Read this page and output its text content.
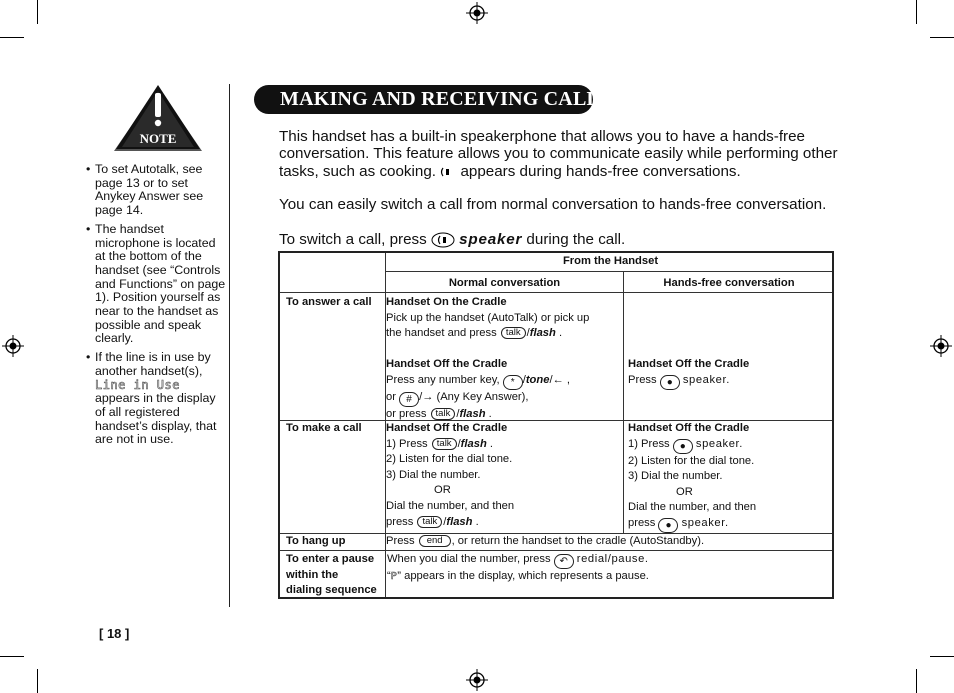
NOTE
• To set Autotalk, see page 13 or to set Anykey Answer see page 14.
• The handset microphone is located at the bottom of the handset (see “Controls and Functions” on page 1). Position yourself as near to the handset as possible and speak clearly.
• If the line is in use by another handset(s), Line in Use appears in the display of all registered handset’s display, that are not in use.
MAKING AND RECEIVING CALLS
This handset has a built-in speakerphone that allows you to have a hands-free conversation. This feature allows you to communicate easily while performing other tasks, such as cooking.  appears during hands-free conversations.
You can easily switch a call from normal conversation to hands-free conversation.
To switch a call, press  speaker during the call.
From the Handset
Normal conversation	Hands-free conversation
To answer a call Handset On the Cradle
Pick up the handset (AutoTalk) or pick up
the handset and press talk /flash .

Handset Off the Cradle
Press any number key, * /tone/← ,
or # /→ (Any Key Answer),
or press talk /flash .
Handset Off the Cradle
Press ● speaker.
To make a call Handset Off the Cradle
1) Press talk /flash .
2) Listen for the dial tone.
3) Dial the number.
OR
Dial the number, and then
press talk /flash .
Handset Off the Cradle
1) Press ● speaker.
2) Listen for the dial tone.
3) Dial the number.
OR
Dial the number, and then
press ● speaker.
To hang up	Press end , or return the handset to the cradle (AutoStandby).
To enter a pause
within the
dialing sequence
When you dial the number, press ↶ redial/pause.
“P” appears in the display, which represents a pause.
[ 18 ]
